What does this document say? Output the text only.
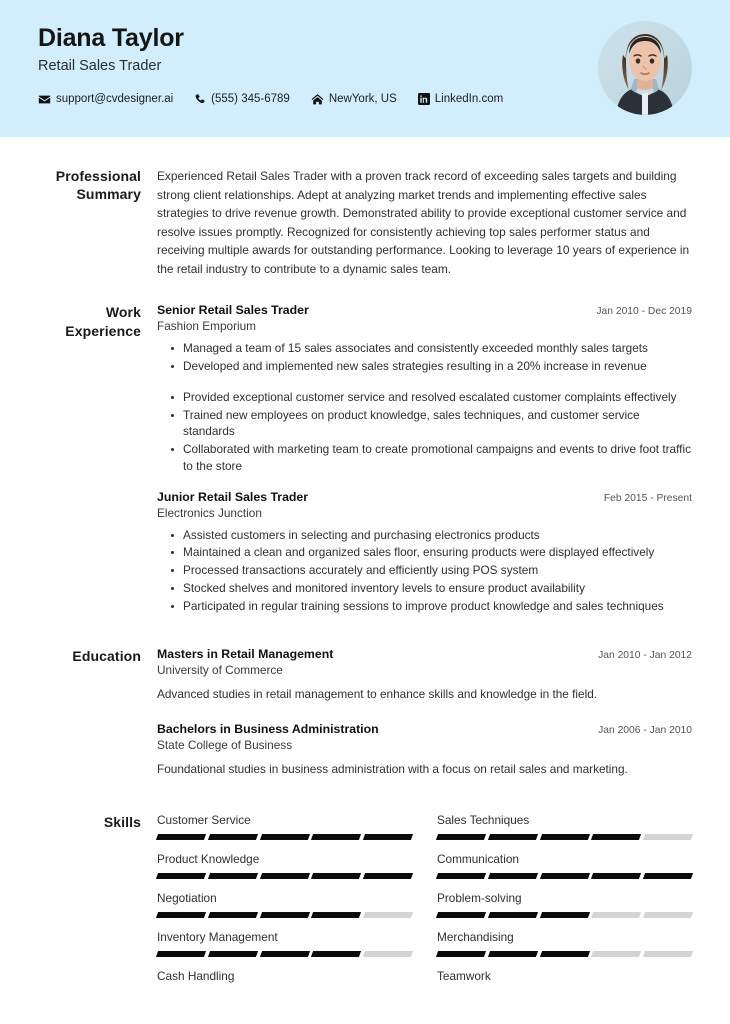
Diana Taylor
Retail Sales Trader
support@cvdesigner.ai	(555) 345-6789	NewYork, US	LinkedIn.com
Professional Summary
Experienced Retail Sales Trader with a proven track record of exceeding sales targets and building strong client relationships. Adept at analyzing market trends and implementing effective sales strategies to drive revenue growth. Demonstrated ability to provide exceptional customer service and resolve issues promptly. Recognized for consistently achieving top sales performer status and receiving multiple awards for outstanding performance. Looking to leverage 10 years of experience in the retail industry to contribute to a dynamic sales team.
Work Experience
Senior Retail Sales Trader	Jan 2010 - Dec 2019
Fashion Emporium
Managed a team of 15 sales associates and consistently exceeded monthly sales targets
Developed and implemented new sales strategies resulting in a 20% increase in revenue
Provided exceptional customer service and resolved escalated customer complaints effectively
Trained new employees on product knowledge, sales techniques, and customer service standards
Collaborated with marketing team to create promotional campaigns and events to drive foot traffic to the store
Junior Retail Sales Trader	Feb 2015 - Present
Electronics Junction
Assisted customers in selecting and purchasing electronics products
Maintained a clean and organized sales floor, ensuring products were displayed effectively
Processed transactions accurately and efficiently using POS system
Stocked shelves and monitored inventory levels to ensure product availability
Participated in regular training sessions to improve product knowledge and sales techniques
Education	Masters in Retail Management	Jan 2010 - Jan 2012
University of Commerce
Advanced studies in retail management to enhance skills and knowledge in the field.
Bachelors in Business Administration	Jan 2006 - Jan 2010
State College of Business
Foundational studies in business administration with a focus on retail sales and marketing.
Skills	Customer Service	Sales Techniques
Product Knowledge	Communication
Negotiation	Problem-solving
Inventory Management	Merchandising
Cash Handling	Teamwork
